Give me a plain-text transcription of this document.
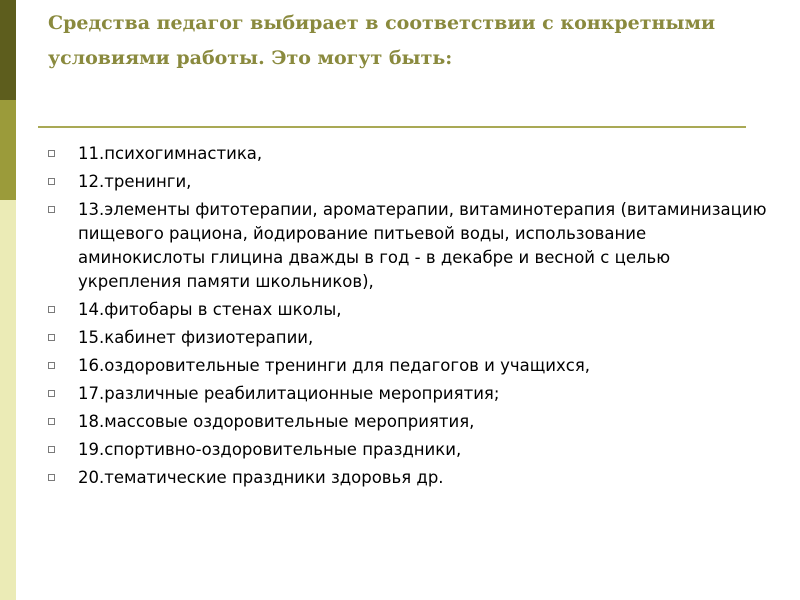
Средства педагог выбирает в соответствии с конкретными условиями работы. Это могут быть:
11.психогимнастика,
12.тренинги,
13.элементы фитотерапии, ароматерапии, витаминотерапия (витаминизацию пищевого рациона, йодирование питьевой воды, использование аминокислоты глицина дважды в год - в декабре и весной с целью укрепления памяти школьников),
14.фитобары в стенах школы,
15.кабинет физиотерапии,
16.оздоровительные тренинги для педагогов и учащихся,
17.различные реабилитационные мероприятия;
18.массовые оздоровительные мероприятия,
19.спортивно-оздоровительные праздники,
20.тематические праздники здоровья др.
